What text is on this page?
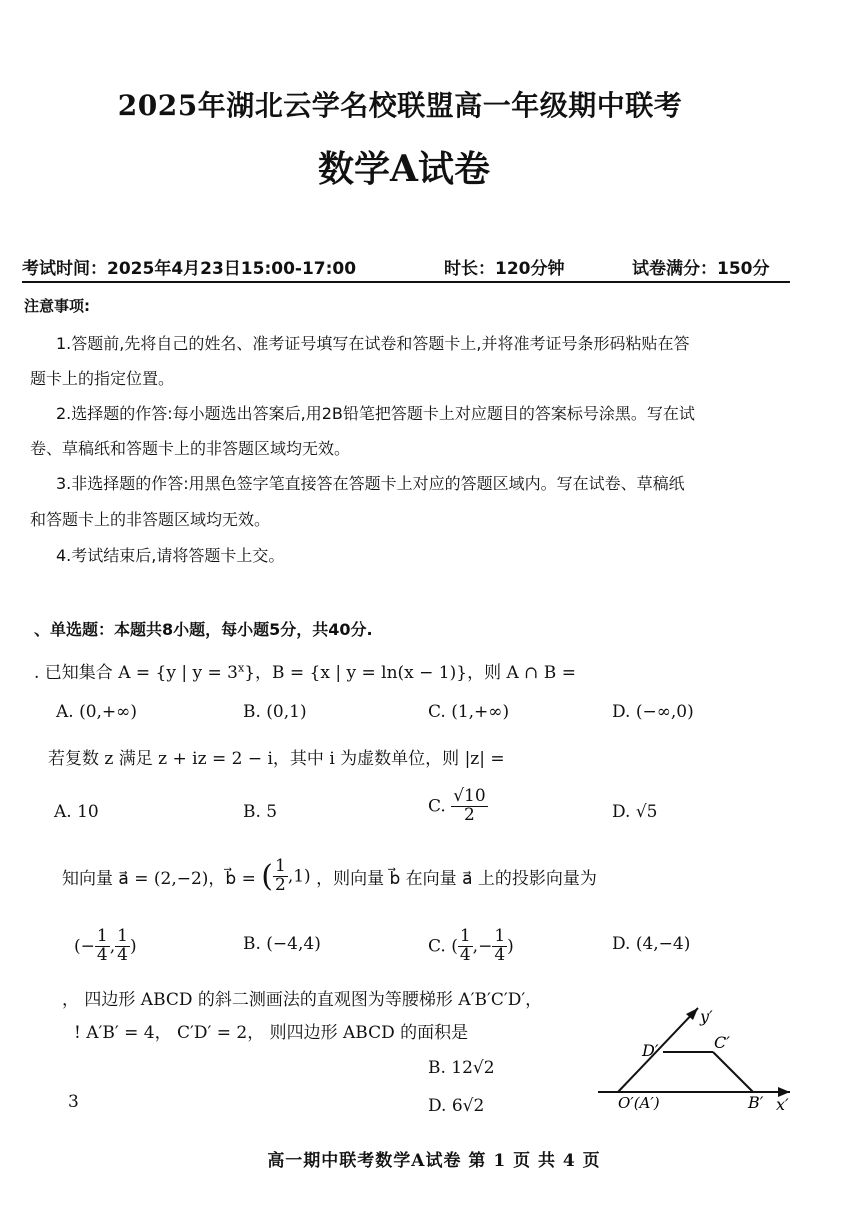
2025年湖北云学名校联盟高一年级期中联考
数学A试卷
考试时间：2025年4月23日15:00-17:00	时长：120分钟	试卷满分：150分
注意事项:
1.答题前,先将自己的姓名、准考证号填写在试卷和答题卡上,并将准考证号条形码粘贴在答
题卡上的指定位置。
2.选择题的作答:每小题选出答案后,用2B铅笔把答题卡上对应题目的答案标号涂黑。写在试
卷、草稿纸和答题卡上的非答题区域均无效。
3.非选择题的作答:用黑色签字笔直接答在答题卡上对应的答题区域内。写在试卷、草稿纸
和答题卡上的非答题区域均无效。
4.考试结束后,请将答题卡上交。
、单选题：本题共8小题，每小题5分，共40分.
. 已知集合 A = {y | $y = 3^x$}，B = {x | y = ln(x − 1)}，则 A ∩ B =
A. (0,+∞)	B. (0,1)	C. (1,+∞)	D. (−∞,0)
若复数 z 满足 z + iz = 2 − i，其中 i 为虚数单位，则 |z| =
A. 10	B. 5	C. $\frac{√10}{2}$	D. √5
知向量 a⃗ = (2,−2)，b⃗ = ( $\frac{1}{2} ,1$) ，则向量 b⃗ 在向量 a⃗ 上的投影向量为
(− $\frac{1}{4}$ , $\frac{1}{4}$ )	B. (−4,4)	C. ( $\frac{1}{4}$ ,− $\frac{1}{4}$ )	D. (4,−4)
， 四边形 ABCD 的斜二测画法的直观图为等腰梯形 A′B′C′D′，
! A′B′ = 4， C′D′ = 2， 则四边形 ABCD 的面积是
B. 12√2
D. 6√2
3
y′
x′
C′
D′
O′(A′)	B′
高一期中联考数学A试卷 第 1 页 共 4 页
